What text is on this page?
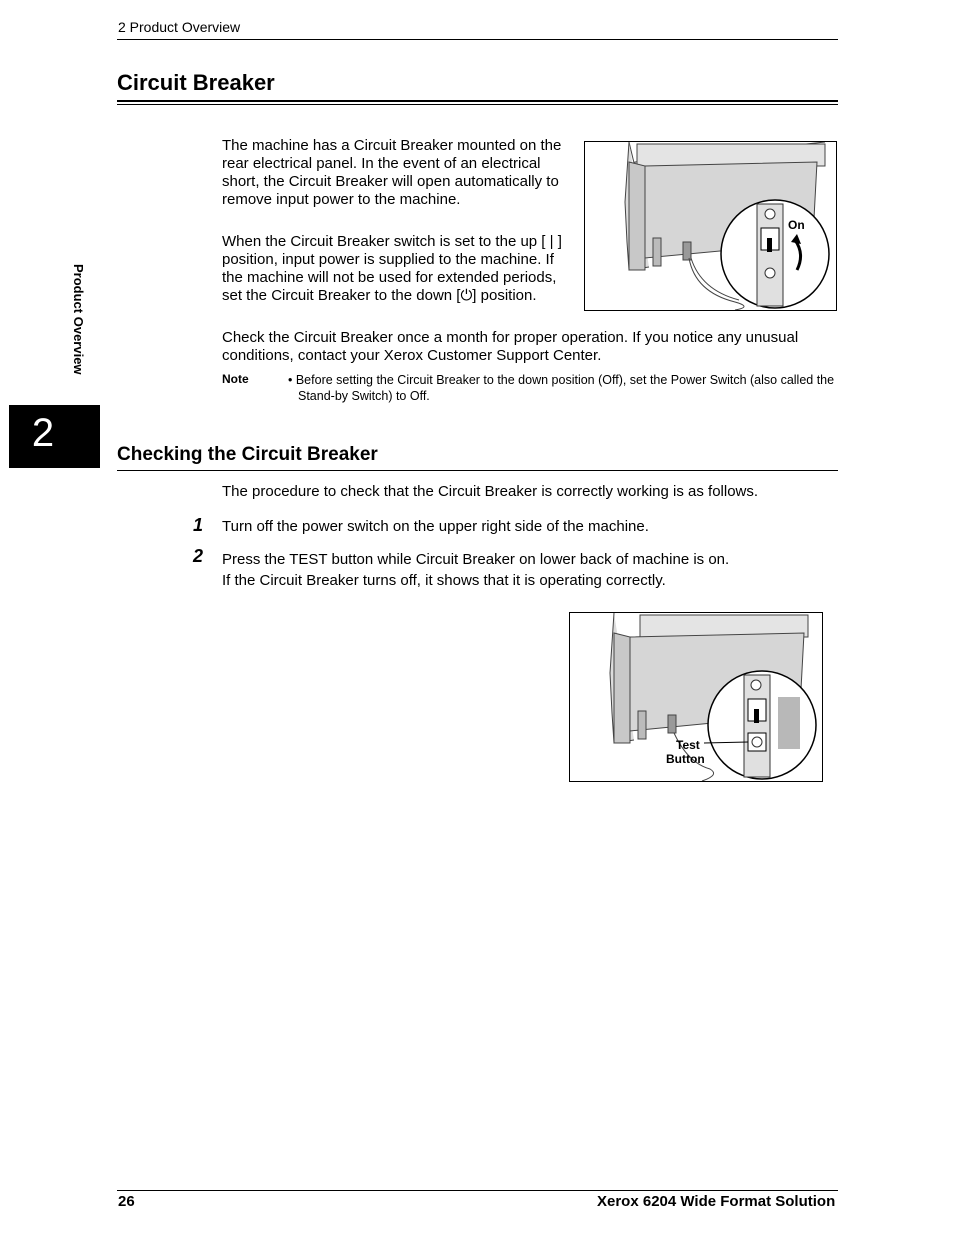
2 Product Overview
Product Overview
2
Circuit Breaker
The machine has a Circuit Breaker mounted on the rear electrical panel. In the event of an electrical short, the Circuit Breaker will open automatically to remove input power to the machine.
When the Circuit Breaker switch is set to the up [ | ] position, input power is supplied to the machine. If the machine will not be used for extended periods, set the Circuit Breaker to the down [⏻] position.
Check the Circuit Breaker once a month for proper operation. If you notice any unusual conditions, contact your Xerox Customer Support Center.
Note	• Before setting the Circuit Breaker to the down position (Off), set the Power Switch (also called the Stand-by Switch) to Off.
On
Checking the Circuit Breaker
The procedure to check that the Circuit Breaker is correctly working is as follows.
1 Turn off the power switch on the upper right side of the machine.
2 Press the TEST button while Circuit Breaker on lower back of machine is on.
If the Circuit Breaker turns off, it shows that it is operating correctly.
Test
Button
26	Xerox 6204 Wide Format Solution
